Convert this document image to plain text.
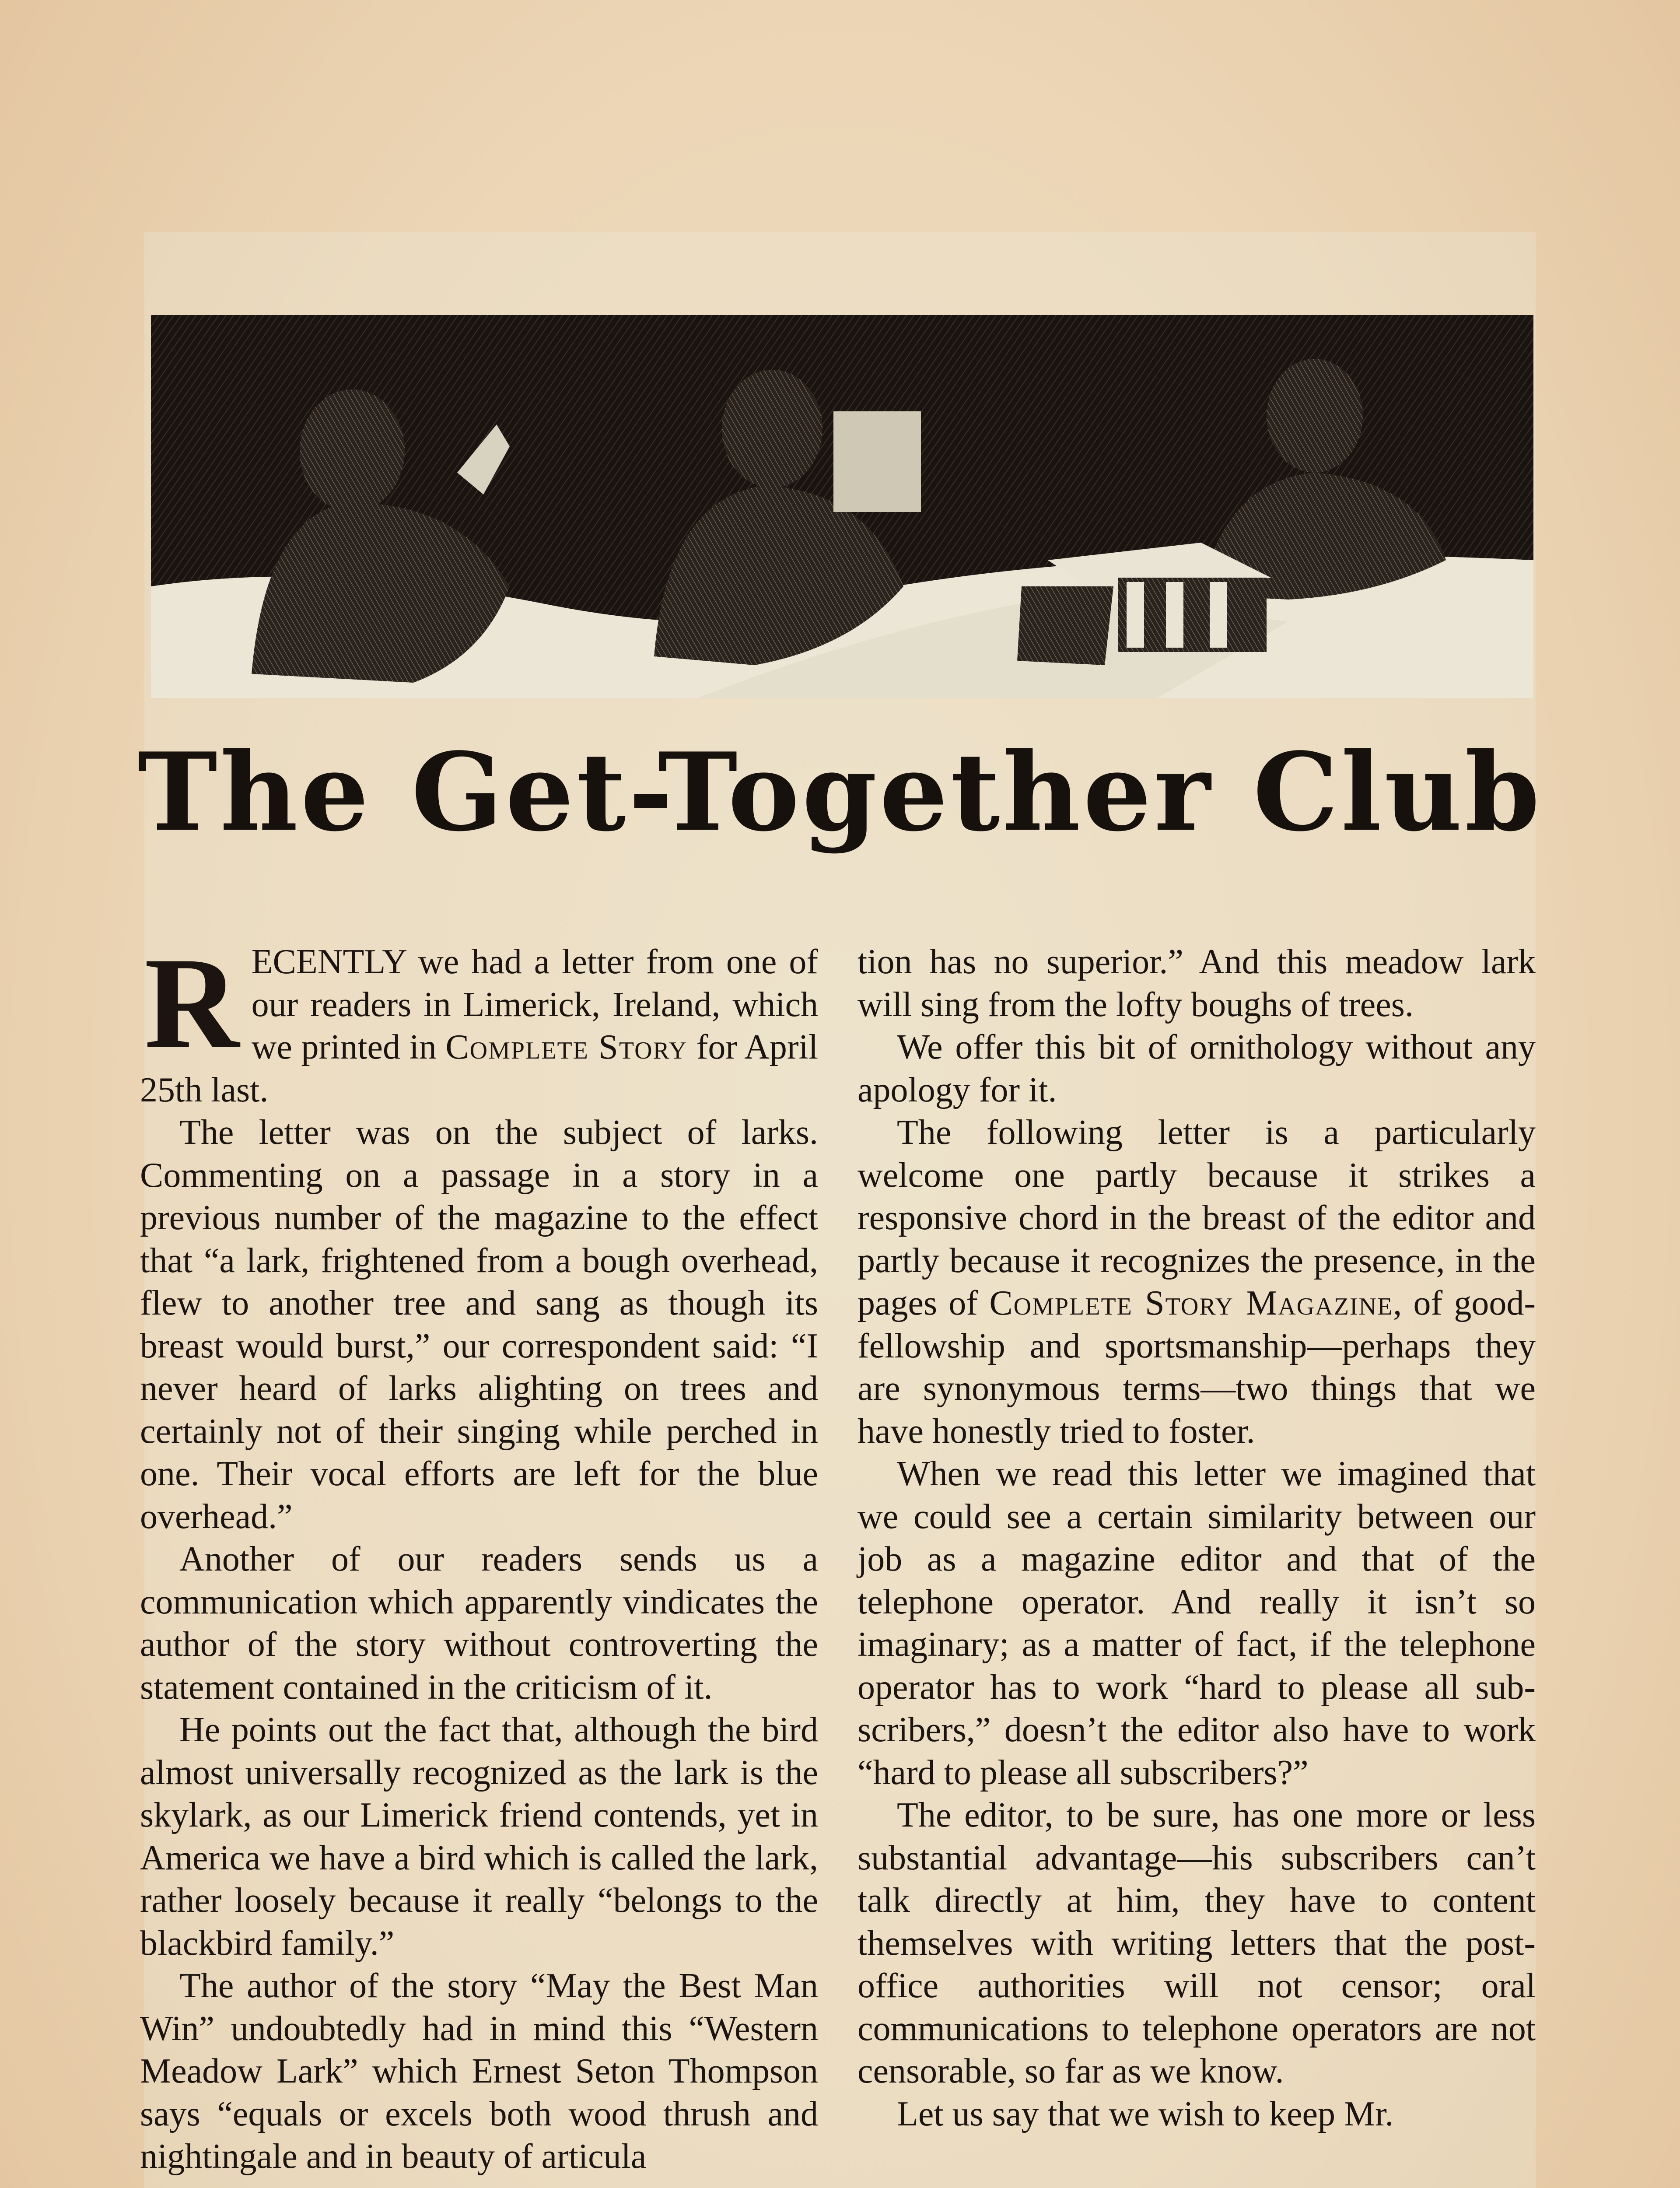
The Get-Together Club

RECENTLY we had a letter from one of our readers in Limerick, Ireland, which we printed in Complete Story for April 25th last.

The letter was on the subject of larks. Commenting on a passage in a story in a previous number of the magazine to the effect that “a lark, frightened from a bough overhead, flew to another tree and sang as though its breast would burst,” our correspondent said: “I never heard of larks alighting on trees and certainly not of their singing while perched in one. Their vocal efforts are left for the blue overhead.”

Another of our readers sends us a communication which apparently vindicates the author of the story without controverting the statement contained in the criticism of it.

He points out the fact that, although the bird almost universally recognized as the lark is the skylark, as our Limerick friend contends, yet in America we have a bird which is called the lark, rather loosely because it really “belongs to the blackbird family.”

The author of the story “May the Best Man Win” undoubtedly had in mind this “Western Meadow Lark” which Ernest Seton Thompson says “equals or excels both wood thrush and nightingale and in beauty of articula

tion has no superior.” And this meadow lark will sing from the lofty boughs of trees.

We offer this bit of ornithology without any apology for it.

The following letter is a particularly welcome one partly because it strikes a responsive chord in the breast of the editor and partly because it recognizes the presence, in the pages of Complete Story Magazine, of good-fellowship and sportsmanship—perhaps they are synonymous terms—two things that we have honestly tried to foster.

When we read this letter we imagined that we could see a certain similarity between our job as a magazine editor and that of the telephone operator. And really it isn’t so imaginary; as a matter of fact, if the telephone operator has to work “hard to please all subscribers,” doesn’t the editor also have to work “hard to please all subscribers?”

The editor, to be sure, has one more or less substantial advantage—his subscribers can’t talk directly at him, they have to content themselves with writing letters that the post-office authorities will not censor; oral communications to telephone operators are not censorable, so far as we know.

Let us say that we wish to keep Mr.
